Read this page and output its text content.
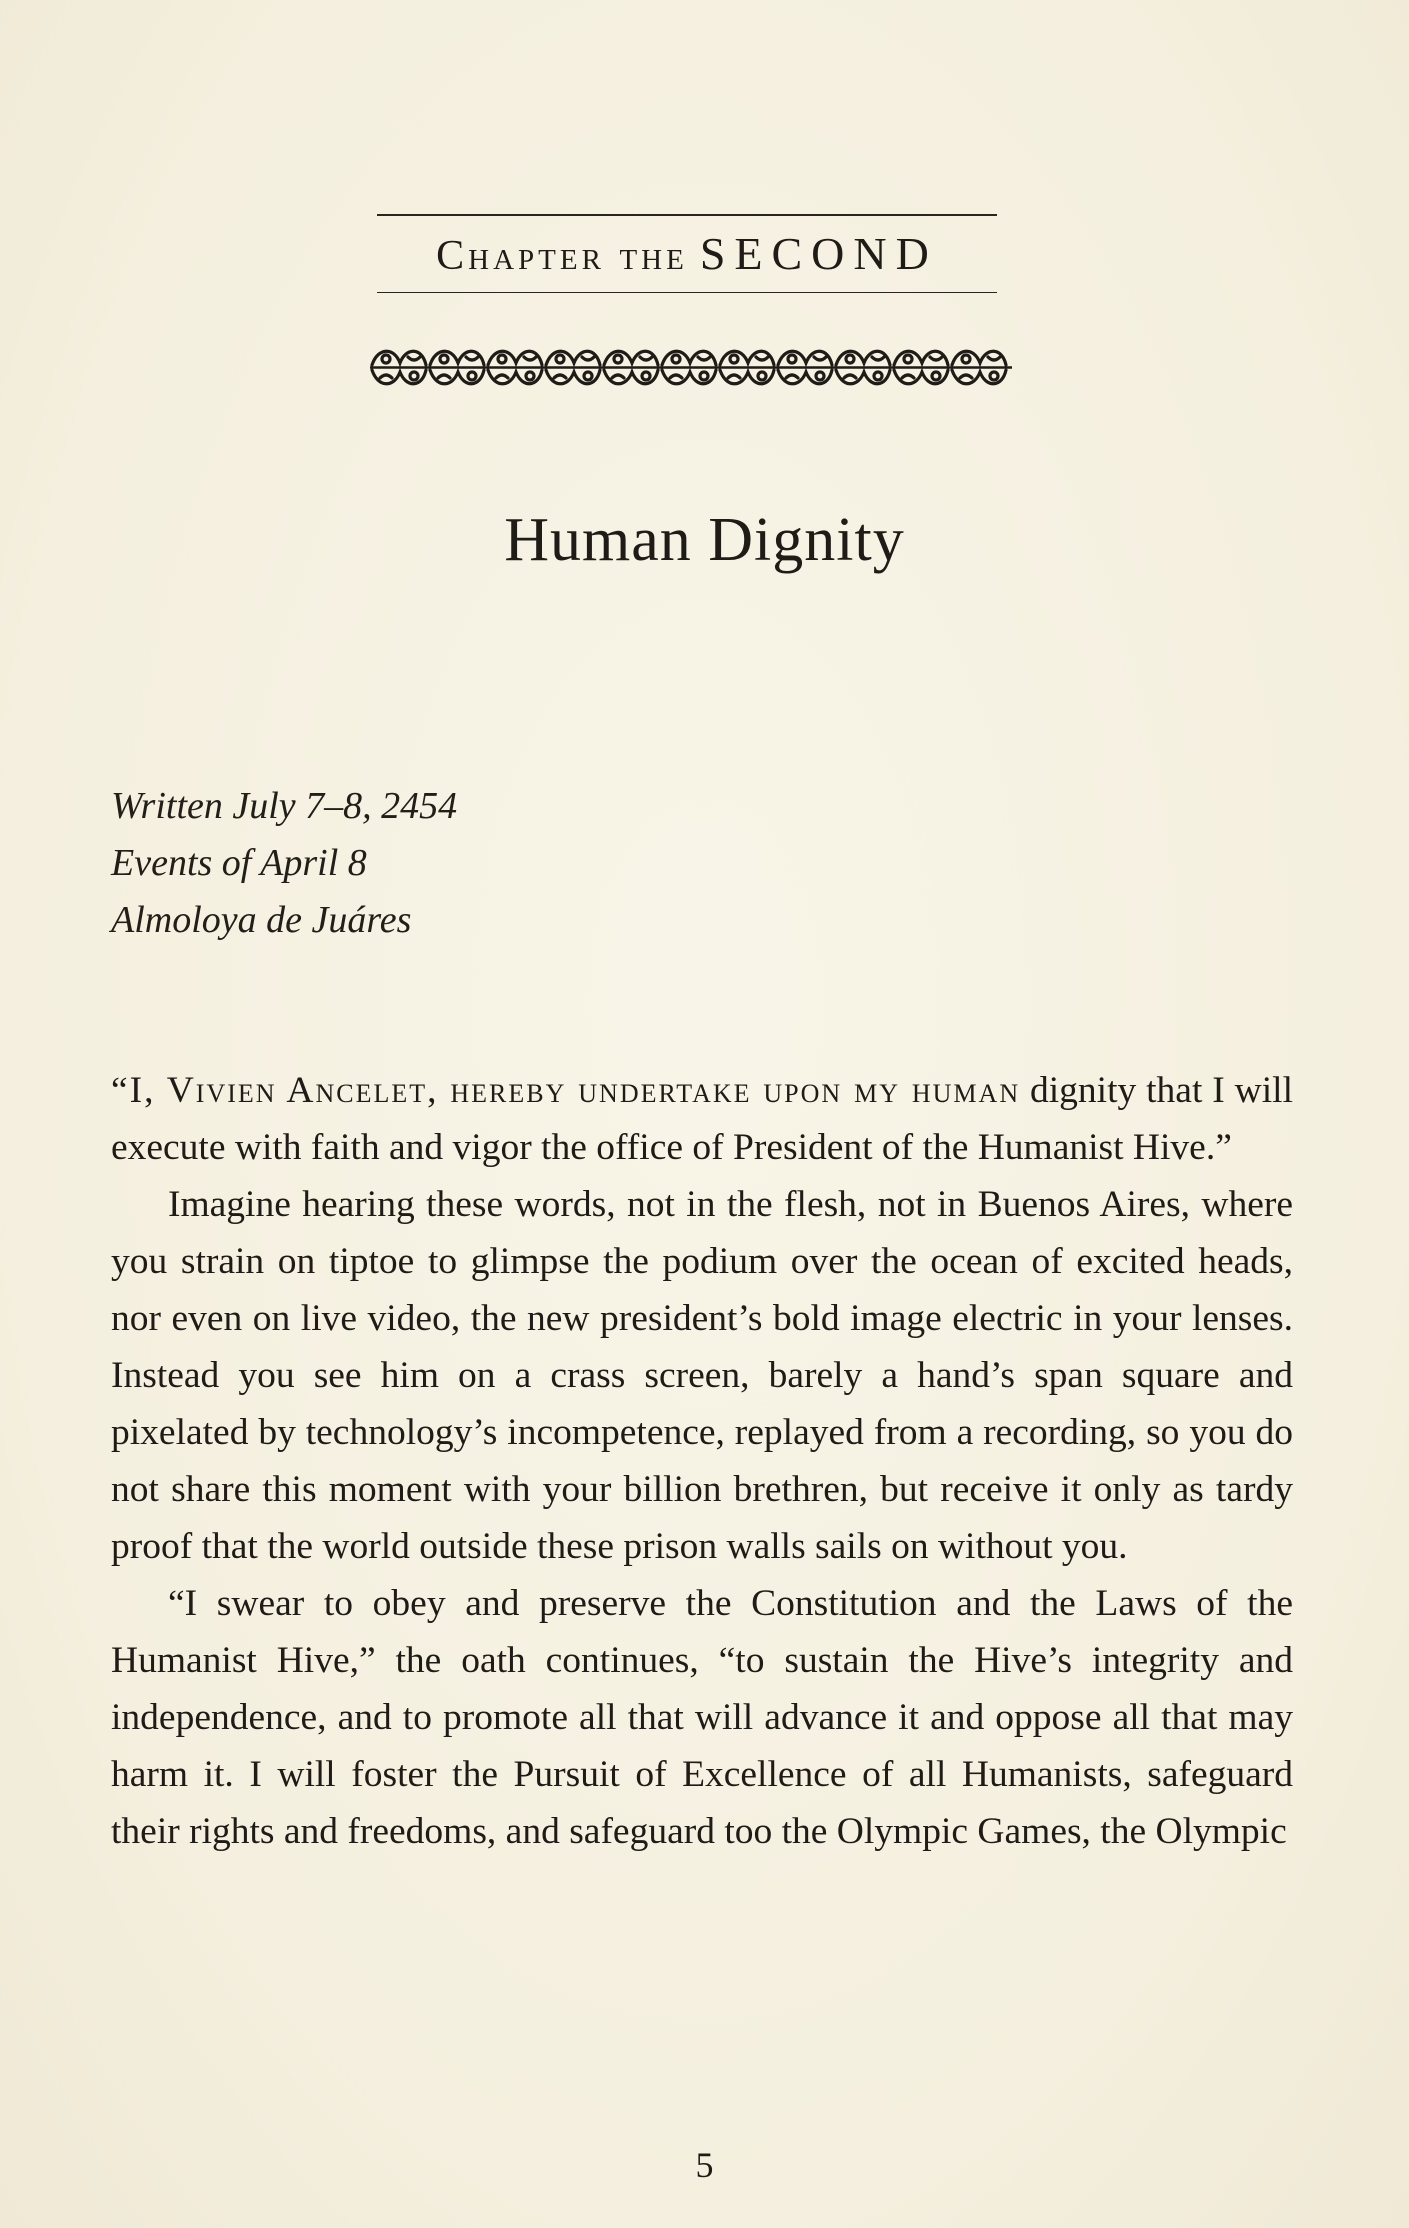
Chapter the SECOND
Human Dignity
Written July 7–8, 2454
Events of April 8
Almoloya de Juáres

“I, Vivien Ancelet, hereby undertake upon my human dignity that I will execute with faith and vigor the office of President of the Humanist Hive.”

Imagine hearing these words, not in the flesh, not in Buenos Aires, where you strain on tiptoe to glimpse the podium over the ocean of excited heads, nor even on live video, the new president’s bold image electric in your lenses. Instead you see him on a crass screen, barely a hand’s span square and pixelated by technology’s incompetence, replayed from a recording, so you do not share this moment with your billion brethren, but receive it only as tardy proof that the world outside these prison walls sails on without you.

“I swear to obey and preserve the Constitution and the Laws of the Humanist Hive,” the oath continues, “to sustain the Hive’s integrity and independence, and to promote all that will advance it and oppose all that may harm it. I will foster the Pursuit of Excellence of all Humanists, safeguard their rights and freedoms, and safeguard too the Olympic Games, the Olympic

5
